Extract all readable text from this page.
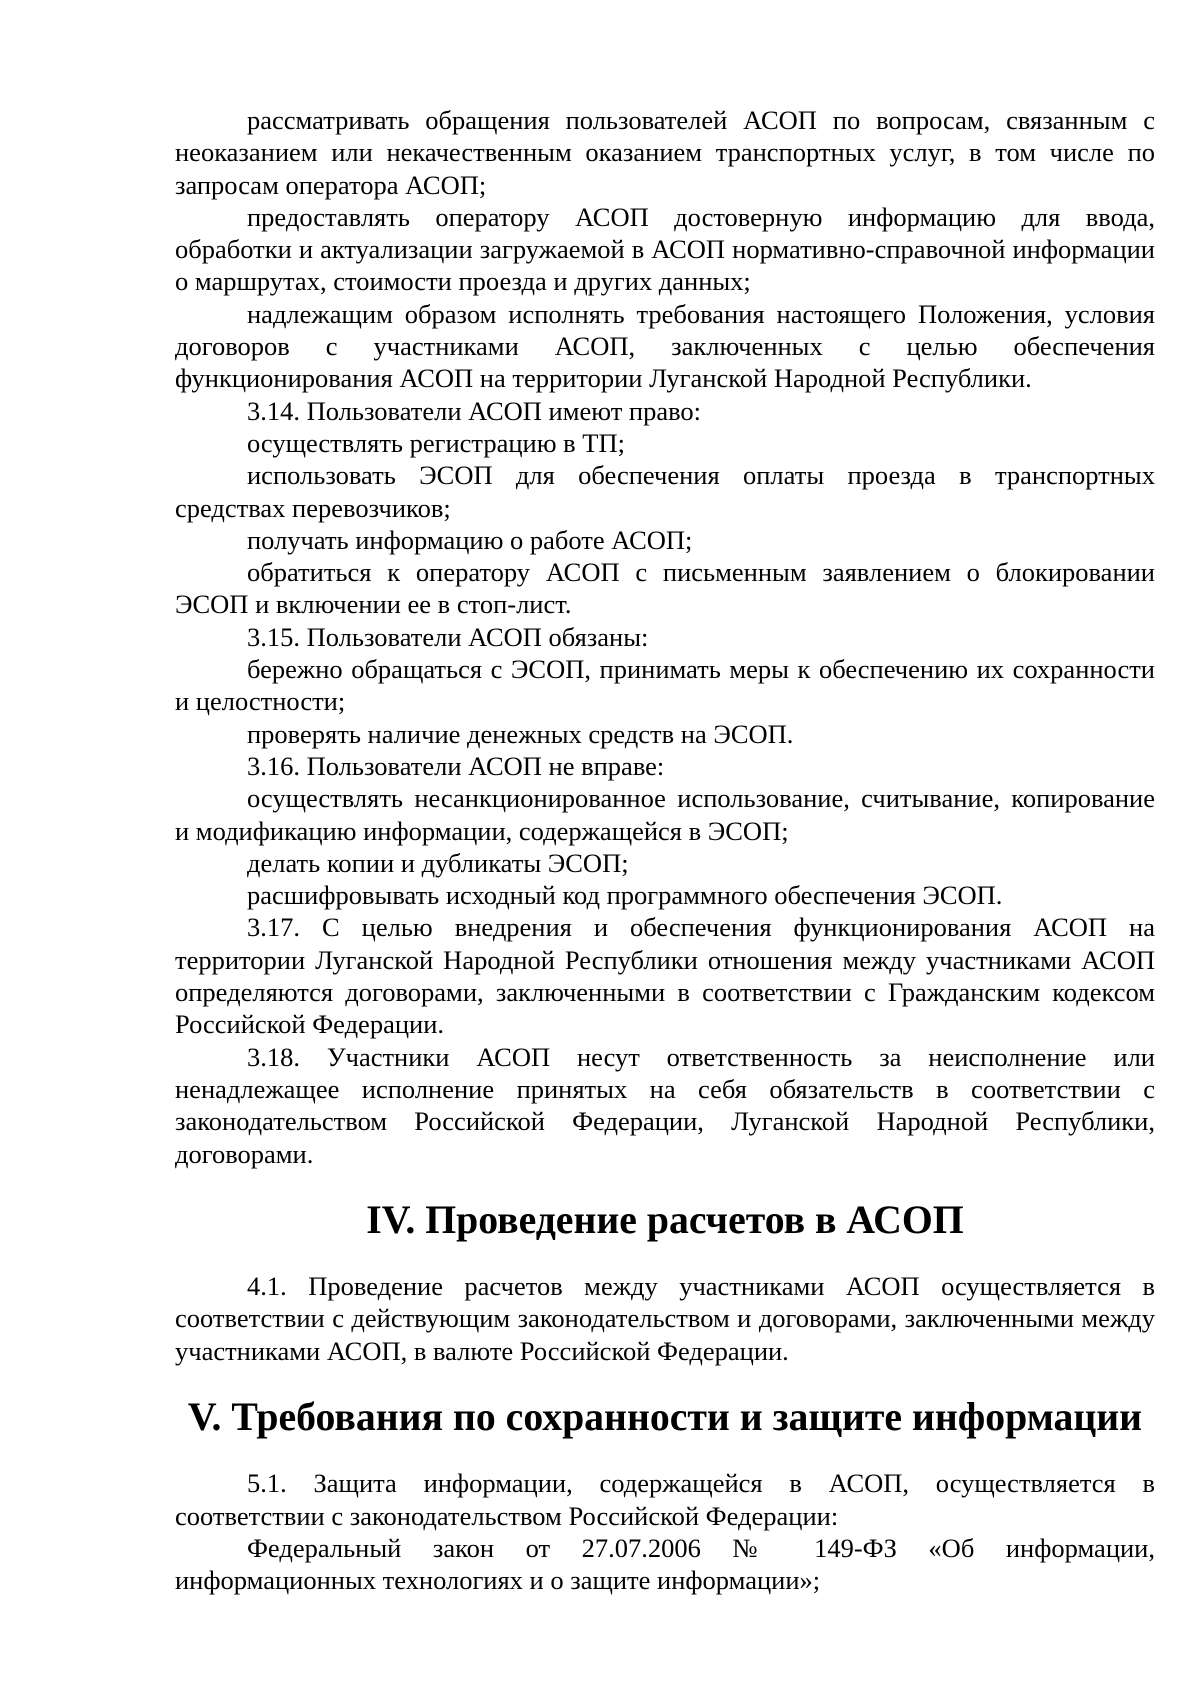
рассматривать обращения пользователей АСОП по вопросам, связанным с неоказанием или некачественным оказанием транспортных услуг, в том числе по запросам оператора АСОП;

предоставлять оператору АСОП достоверную информацию для ввода, обработки и актуализации загружаемой в АСОП нормативно-справочной информации о маршрутах, стоимости проезда и других данных;

надлежащим образом исполнять требования настоящего Положения, условия договоров с участниками АСОП, заключенных с целью обеспечения функционирования АСОП на территории Луганской Народной Республики.

3.14. Пользователи АСОП имеют право:

осуществлять регистрацию в ТП;

использовать ЭСОП для обеспечения оплаты проезда в транспортных средствах перевозчиков;

получать информацию о работе АСОП;

обратиться к оператору АСОП с письменным заявлением о блокировании ЭСОП и включении ее в стоп-лист.

3.15. Пользователи АСОП обязаны:

бережно обращаться с ЭСОП, принимать меры к обеспечению их сохранности и целостности;

проверять наличие денежных средств на ЭСОП.

3.16. Пользователи АСОП не вправе:

осуществлять несанкционированное использование, считывание, копирование и модификацию информации, содержащейся в ЭСОП;

делать копии и дубликаты ЭСОП;

расшифровывать исходный код программного обеспечения ЭСОП.

3.17. С целью внедрения и обеспечения функционирования АСОП на территории Луганской Народной Республики отношения между участниками АСОП определяются договорами, заключенными в соответствии с Гражданским кодексом Российской Федерации.

3.18. Участники АСОП несут ответственность за неисполнение или ненадлежащее исполнение принятых на себя обязательств в соответствии с законодательством Российской Федерации, Луганской Народной Республики, договорами.

IV. Проведение расчетов в АСОП

4.1. Проведение расчетов между участниками АСОП осуществляется в соответствии с действующим законодательством и договорами, заключенными между участниками АСОП, в валюте Российской Федерации.

V. Требования по сохранности и защите информации

5.1. Защита информации, содержащейся в АСОП, осуществляется в соответствии с законодательством Российской Федерации:

Федеральный закон от 27.07.2006 № 149-ФЗ «Об информации, информационных технологиях и о защите информации»;
